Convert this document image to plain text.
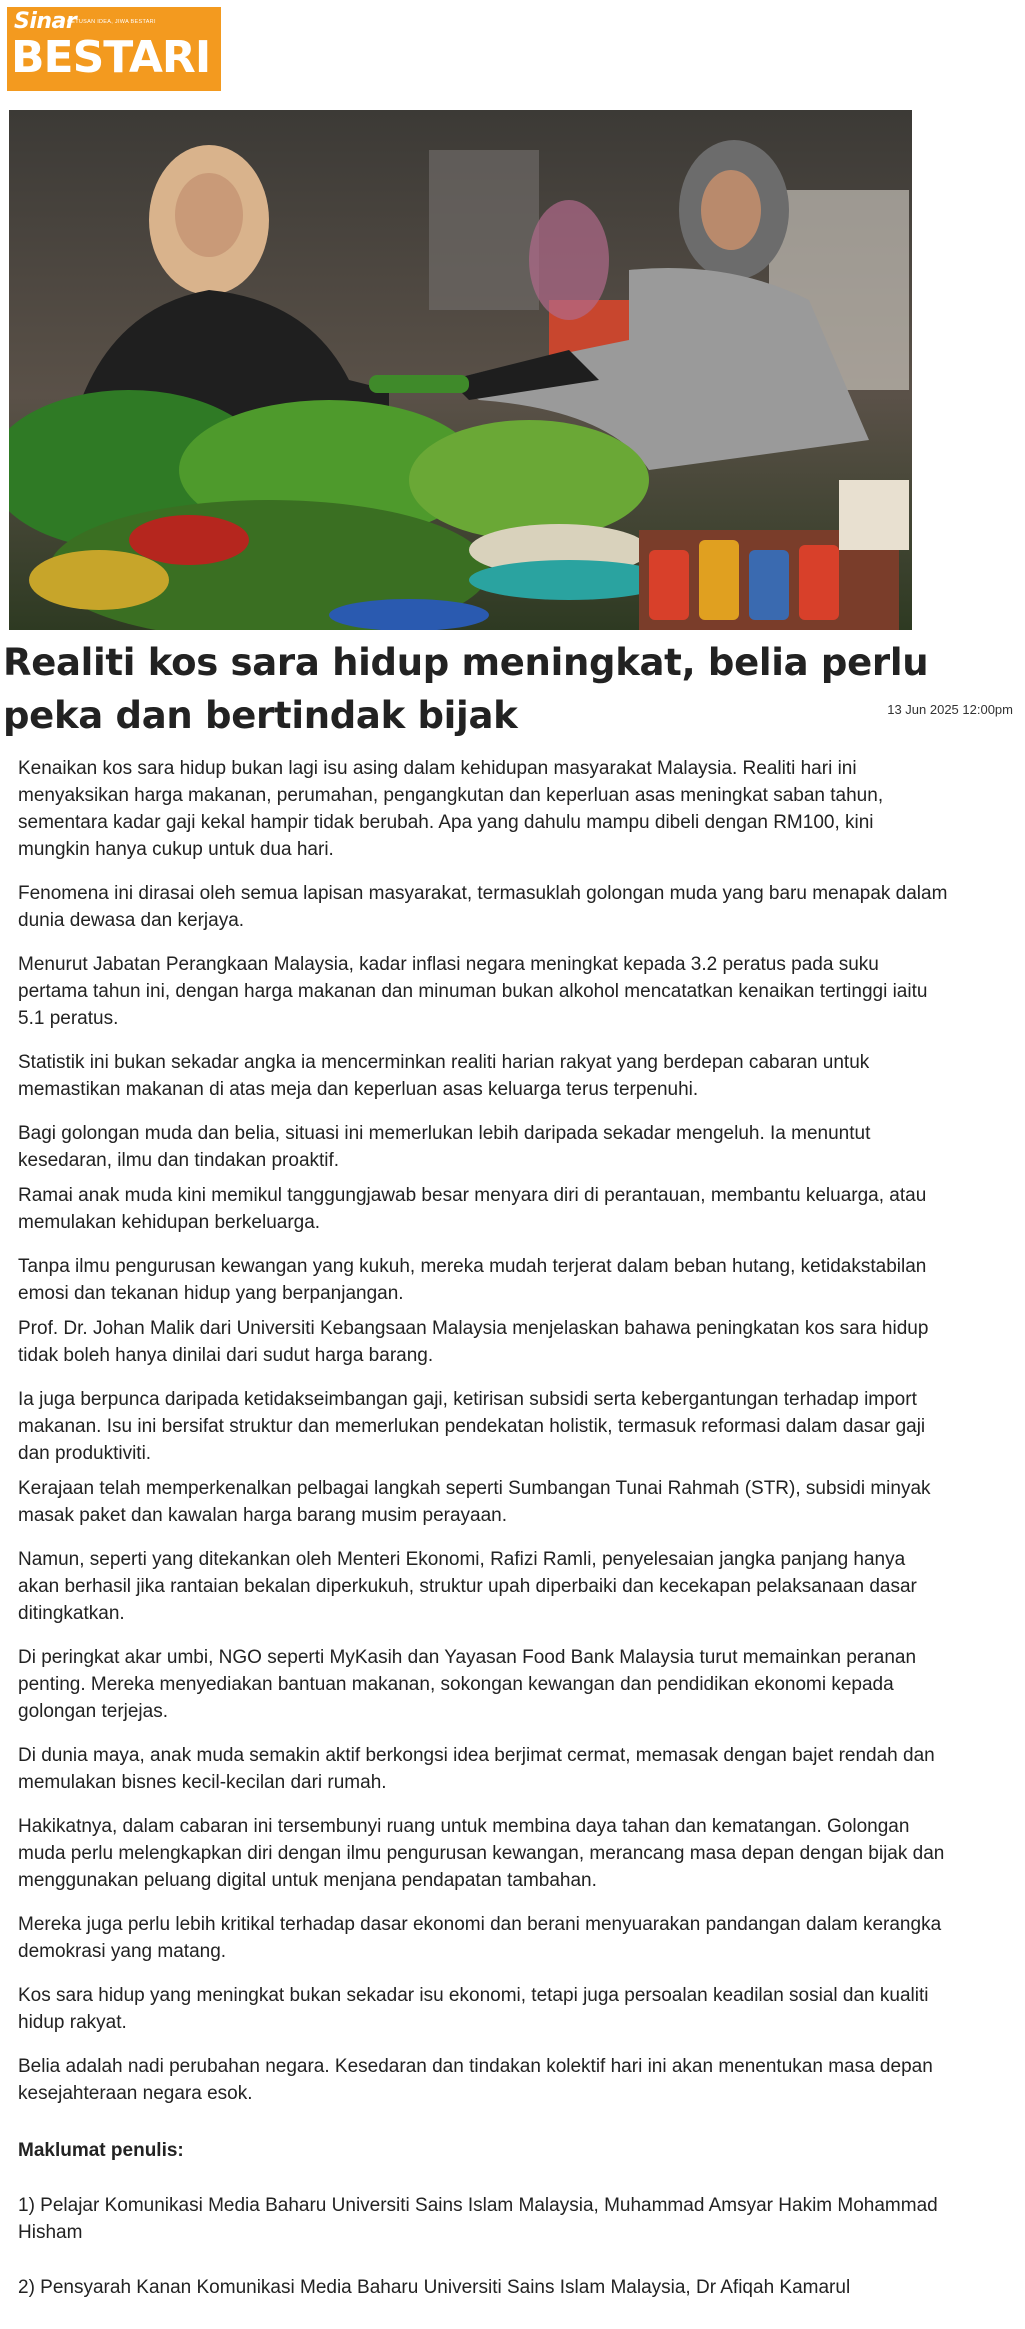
Sinar
CETUSAN IDEA, JIWA BESTARI
BESTARI
Realiti kos sara hidup meningkat, belia perlu peka dan bertindak bijak	13 Jun 2025 12:00pm

Kenaikan kos sara hidup bukan lagi isu asing dalam kehidupan masyarakat Malaysia. Realiti hari ini menyaksikan harga makanan, perumahan, pengangkutan dan keperluan asas meningkat saban tahun, sementara kadar gaji kekal hampir tidak berubah. Apa yang dahulu mampu dibeli dengan RM100, kini mungkin hanya cukup untuk dua hari.

Fenomena ini dirasai oleh semua lapisan masyarakat, termasuklah golongan muda yang baru menapak dalam dunia dewasa dan kerjaya.

Menurut Jabatan Perangkaan Malaysia, kadar inflasi negara meningkat kepada 3.2 peratus pada suku pertama tahun ini, dengan harga makanan dan minuman bukan alkohol mencatatkan kenaikan tertinggi iaitu 5.1 peratus.

Statistik ini bukan sekadar angka ia mencerminkan realiti harian rakyat yang berdepan cabaran untuk memastikan makanan di atas meja dan keperluan asas keluarga terus terpenuhi.

Bagi golongan muda dan belia, situasi ini memerlukan lebih daripada sekadar mengeluh. Ia menuntut kesedaran, ilmu dan tindakan proaktif.

Ramai anak muda kini memikul tanggungjawab besar menyara diri di perantauan, membantu keluarga, atau memulakan kehidupan berkeluarga.

Tanpa ilmu pengurusan kewangan yang kukuh, mereka mudah terjerat dalam beban hutang, ketidakstabilan emosi dan tekanan hidup yang berpanjangan.

Prof. Dr. Johan Malik dari Universiti Kebangsaan Malaysia menjelaskan bahawa peningkatan kos sara hidup tidak boleh hanya dinilai dari sudut harga barang.

Ia juga berpunca daripada ketidakseimbangan gaji, ketirisan subsidi serta kebergantungan terhadap import makanan. Isu ini bersifat struktur dan memerlukan pendekatan holistik, termasuk reformasi dalam dasar gaji dan produktiviti.

Kerajaan telah memperkenalkan pelbagai langkah seperti Sumbangan Tunai Rahmah (STR), subsidi minyak masak paket dan kawalan harga barang musim perayaan.

Namun, seperti yang ditekankan oleh Menteri Ekonomi, Rafizi Ramli, penyelesaian jangka panjang hanya akan berhasil jika rantaian bekalan diperkukuh, struktur upah diperbaiki dan kecekapan pelaksanaan dasar ditingkatkan.

Di peringkat akar umbi, NGO seperti MyKasih dan Yayasan Food Bank Malaysia turut memainkan peranan penting. Mereka menyediakan bantuan makanan, sokongan kewangan dan pendidikan ekonomi kepada golongan terjejas.

Di dunia maya, anak muda semakin aktif berkongsi idea berjimat cermat, memasak dengan bajet rendah dan memulakan bisnes kecil-kecilan dari rumah.

Hakikatnya, dalam cabaran ini tersembunyi ruang untuk membina daya tahan dan kematangan. Golongan muda perlu melengkapkan diri dengan ilmu pengurusan kewangan, merancang masa depan dengan bijak dan menggunakan peluang digital untuk menjana pendapatan tambahan.

Mereka juga perlu lebih kritikal terhadap dasar ekonomi dan berani menyuarakan pandangan dalam kerangka demokrasi yang matang.

Kos sara hidup yang meningkat bukan sekadar isu ekonomi, tetapi juga persoalan keadilan sosial dan kualiti hidup rakyat.

Belia adalah nadi perubahan negara. Kesedaran dan tindakan kolektif hari ini akan menentukan masa depan kesejahteraan negara esok.

Maklumat penulis:

1) Pelajar Komunikasi Media Baharu Universiti Sains Islam Malaysia, Muhammad Amsyar Hakim Mohammad Hisham

2) Pensyarah Kanan Komunikasi Media Baharu Universiti Sains Islam Malaysia, Dr Afiqah Kamarul
